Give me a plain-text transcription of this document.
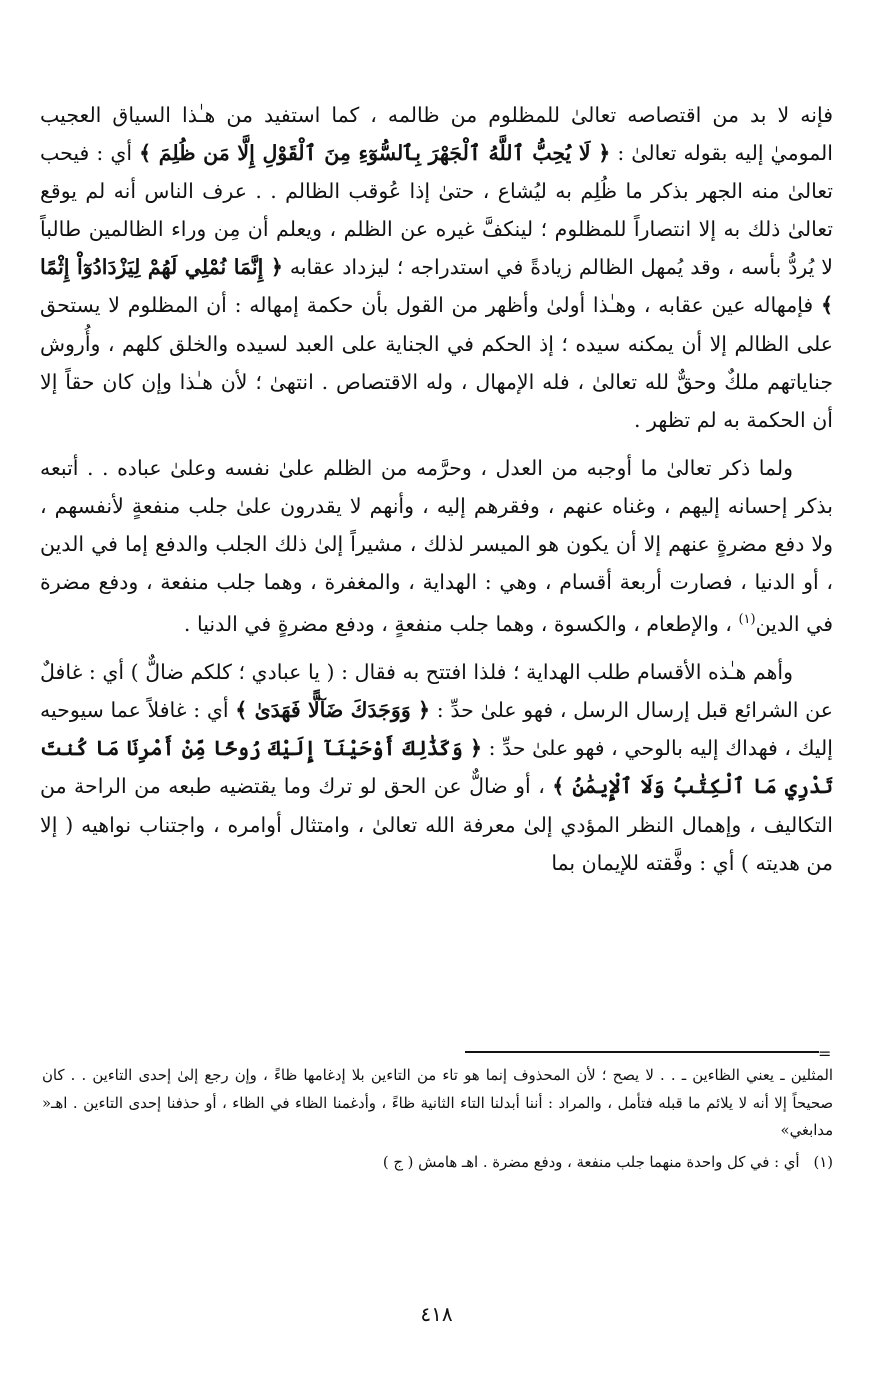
فإنه لا بد من اقتصاصه تعالىٰ للمظلوم من ظالمه ، كما استفيد من هـٰذا السياق العجيب الموميٰ إليه بقوله تعالىٰ : ﴿ لَا يُحِبُّ ٱللَّهُ ٱلْجَهْرَ بِٱلسُّوٓءِ مِنَ ٱلْقَوْلِ إِلَّا مَن ظُلِمَ ﴾ أي : فيحب تعالىٰ منه الجهر بذكر ما ظُلِم به ليُشاع ، حتىٰ إذا عُوقب الظالم . . عرف الناس أنه لم يوقع تعالىٰ ذلك به إلا انتصاراً للمظلوم ؛ لينكفَّ غيره عن الظلم ، ويعلم أن مِن وراء الظالمين طالباً لا يُردُّ بأسه ، وقد يُمهل الظالم زيادةً في استدراجه ؛ ليزداد عقابه ﴿ إِنَّمَا نُمْلِي لَهُمْ لِيَزْدَادُوٓاْ إِثْمًا ﴾ فإمهاله عين عقابه ، وهـٰذا أولىٰ وأظهر من القول بأن حكمة إمهاله : أن المظلوم لا يستحق على الظالم إلا أن يمكنه سيده ؛ إذ الحكم في الجناية على العبد لسيده والخلق كلهم ، وأُروش جناياتهم ملكٌ وحقٌّ لله تعالىٰ ، فله الإمهال ، وله الاقتصاص . انتهىٰ ؛ لأن هـٰذا وإن كان حقاً إلا أن الحكمة به لم تظهر .

ولما ذكر تعالىٰ ما أوجبه من العدل ، وحرَّمه من الظلم علىٰ نفسه وعلىٰ عباده . . أتبعه بذكر إحسانه إليهم ، وغناه عنهم ، وفقرهم إليه ، وأنهم لا يقدرون علىٰ جلب منفعةٍ لأنفسهم ، ولا دفع مضرةٍ عنهم إلا أن يكون هو الميسر لذلك ، مشيراً إلىٰ ذلك الجلب والدفع إما في الدين ، أو الدنيا ، فصارت أربعة أقسام ، وهي : الهداية ، والمغفرة ، وهما جلب منفعة ، ودفع مضرة في الدين$^{(١)}$ ، والإطعام ، والكسوة ، وهما جلب منفعةٍ ، ودفع مضرةٍ في الدنيا .

وأهم هـٰذه الأقسام طلب الهداية ؛ فلذا افتتح به فقال : ( يا عبادي ؛ كلكم ضالٌّ ) أي : غافلٌ عن الشرائع قبل إرسال الرسل ، فهو علىٰ حدِّ : ﴿ وَوَجَدَكَ ضَآلًّا فَهَدَىٰ ﴾ أي : غافلاً عما سيوحيه إليك ، فهداك إليه بالوحي ، فهو علىٰ حدِّ : ﴿ وَكَذَٰلِكَ أَوْحَيْنَآ إِلَيْكَ رُوحًا مِّنْ أَمْرِنَا مَا كُنتَ تَدْرِي مَا ٱلْكِتَٰبُ وَلَا ٱلْإِيمَٰنُ ﴾ ، أو ضالٌّ عن الحق لو ترك وما يقتضيه طبعه من الراحة من التكاليف ، وإهمال النظر المؤدي إلىٰ معرفة الله تعالىٰ ، وامتثال أوامره ، واجتناب نواهيه ( إلا من هديته ) أي : وفَّقته للإيمان بما

=

المثلين ـ يعني الظاءين ـ . . لا يصح ؛ لأن المحذوف إنما هو تاء من التاءين بلا إدغامها ظاءً ، وإن رجع إلىٰ إحدى التاءين . . كان صحيحاً إلا أنه لا يلائم ما قبله فتأمل ، والمراد : أننا أبدلنا التاء الثانية ظاءً ، وأدغمنا الظاء في الظاء ، أو حذفنا إحدى التاءين . اهـ« مدابغي»

(١)أي : في كل واحدة منهما جلب منفعة ، ودفع مضرة . اهـ هامش ( ج )

٤١٨
